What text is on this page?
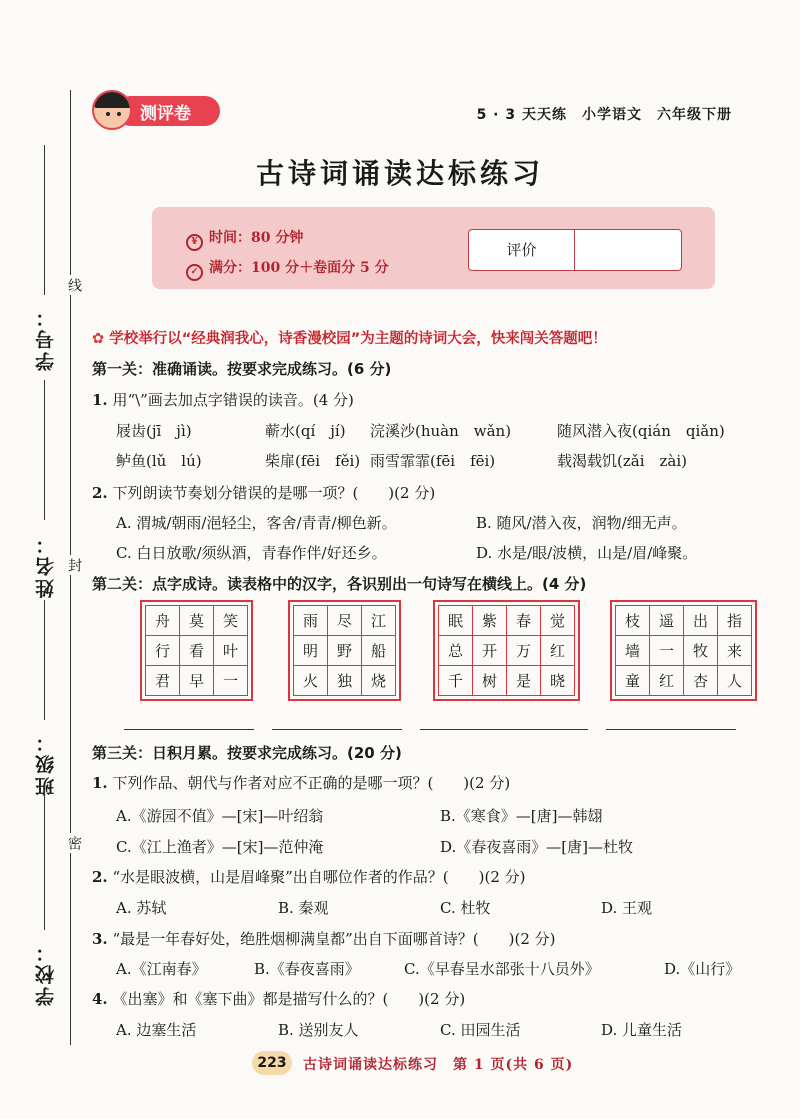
学号：
姓名：
班级：
学校：
线
封
密
测评卷	5 · 3 天天练　小学语文　六年级下册
古诗词诵读达标练习
¥ 时间：80 分钟
✓ 满分：100 分＋卷面分 5 分
评价
✿ 学校举行以“经典润我心，诗香漫校园”为主题的诗词大会，快来闯关答题吧！
第一关：准确诵读。按要求完成练习。(6 分)
1. 用“\”画去加点字错误的读音。(4 分)
屐齿(jī　jì)	蕲水(qí　jí) 浣溪沙(huàn　wǎn)	随风潜入夜(qián　qiǎn)
鲈鱼(lǔ　lú)	柴扉(fēi　fěi) 雨雪霏霏(fēi　fēi)	载渴载饥(zǎi　zài)
2. 下列朗读节奏划分错误的是哪一项？(　　)(2 分)
A. 渭城/朝雨/浥轻尘，客舍/青青/柳色新。	B. 随风/潜入夜，润物/细无声。
C. 白日放歌/须纵酒，青春作伴/好还乡。	D. 水是/眼/波横，山是/眉/峰聚。
第二关：点字成诗。读表格中的汉字，各识别出一句诗写在横线上。(4 分)
舟	莫	笑
行	看	叶
君	早	一
雨	尽	江
明	野	船
火	独	烧
眠	紫	春	觉
总	开	万	红
千	树	是	晓
枝	遥	出	指
墙	一	牧	来
童	红	杏	人
第三关：日积月累。按要求完成练习。(20 分)
1. 下列作品、朝代与作者对应不正确的是哪一项？(　　)(2 分)
A.《游园不值》—[宋]—叶绍翁	B.《寒食》—[唐]—韩翃
C.《江上渔者》—[宋]—范仲淹	D.《春夜喜雨》—[唐]—杜牧
2. “水是眼波横，山是眉峰聚”出自哪位作者的作品？(　　)(2 分)
A. 苏轼	B. 秦观	C. 杜牧	D. 王观
3. “最是一年春好处，绝胜烟柳满皇都”出自下面哪首诗？(　　)(2 分)
A.《江南春》	B.《春夜喜雨》	C.《早春呈水部张十八员外》	D.《山行》
4. 《出塞》和《塞下曲》都是描写什么的？(　　)(2 分)
A. 边塞生活	B. 送别友人	C. 田园生活	D. 儿童生活
223	古诗词诵读达标练习　第 1 页(共 6 页)
